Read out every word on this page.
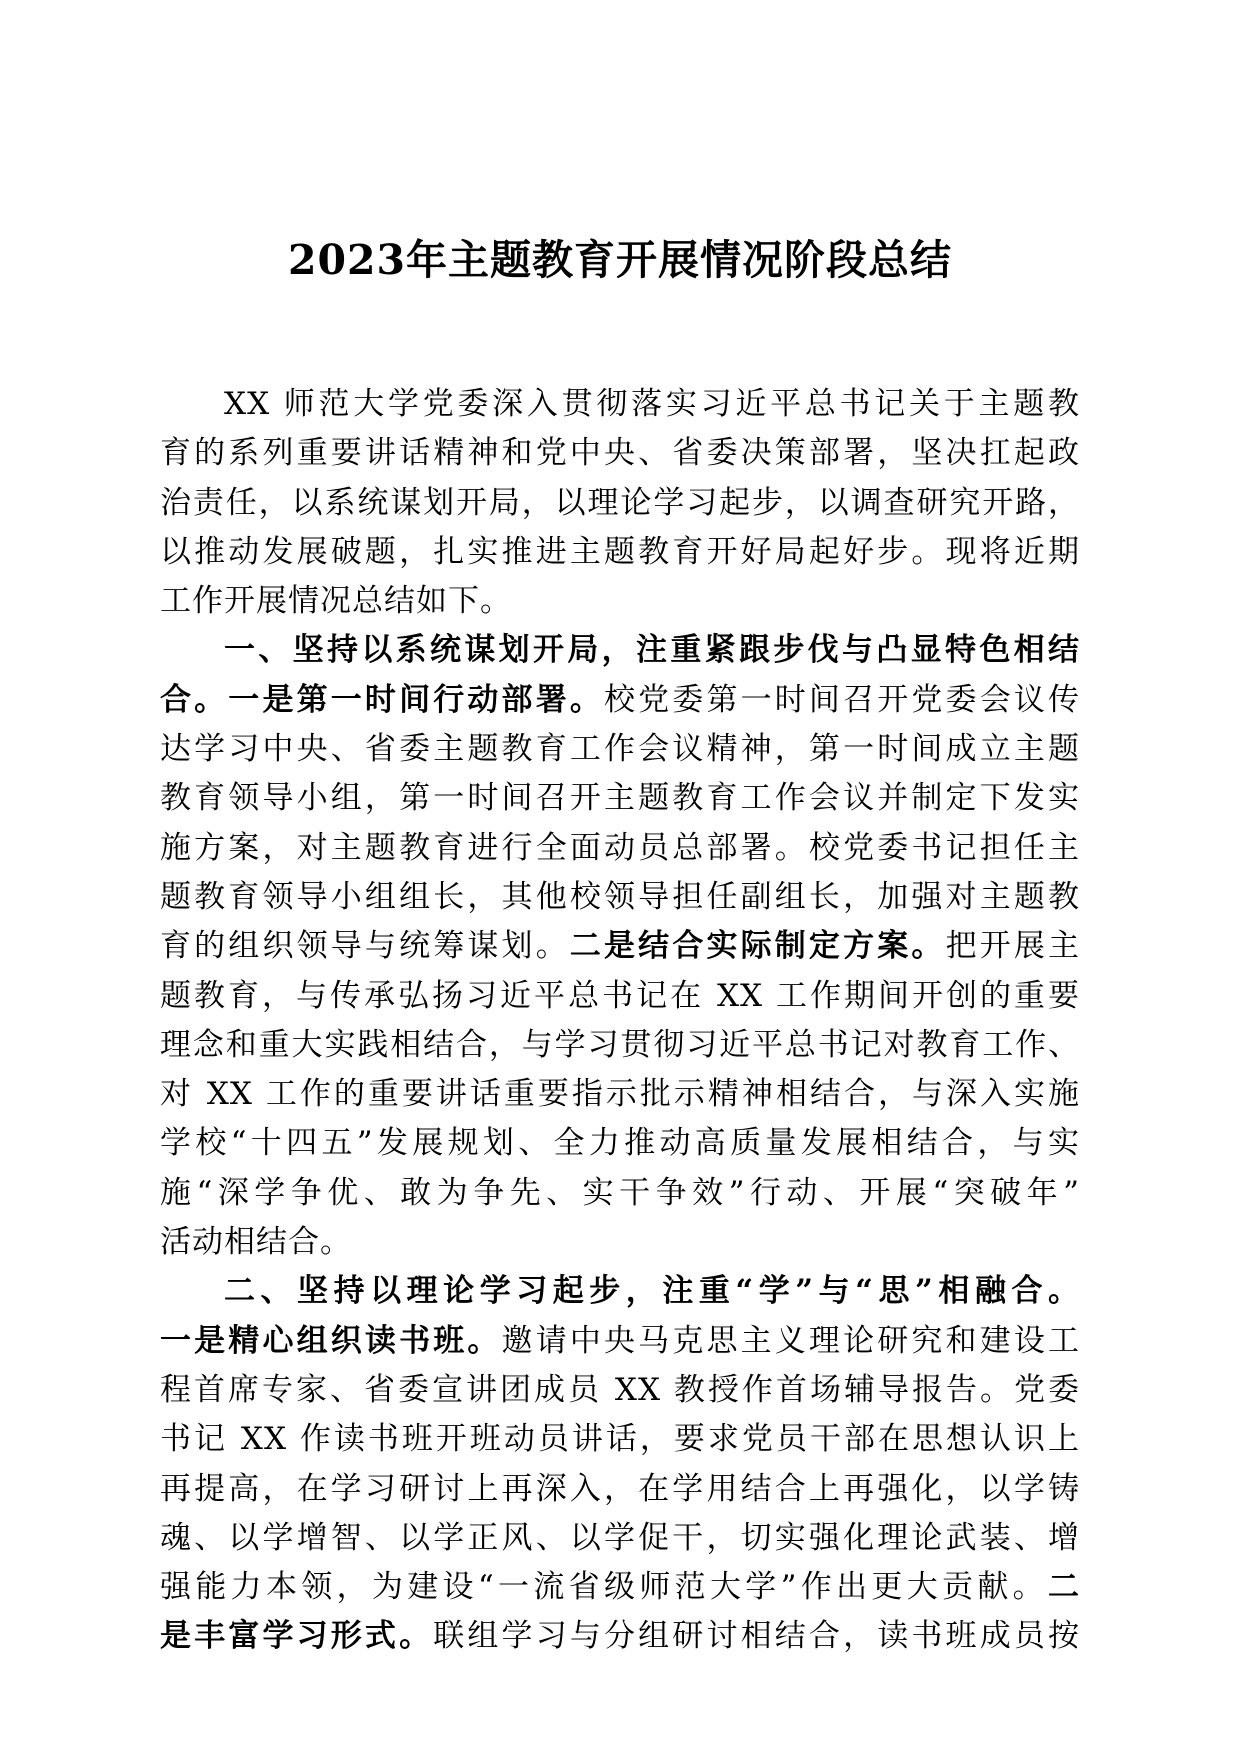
2023年主题教育开展情况阶段总结
XX 师范大学党委深入贯彻落实习近平总书记关于主题教
育的系列重要讲话精神和党中央、省委决策部署，坚决扛起政
治责任，以系统谋划开局，以理论学习起步，以调查研究开路，
以推动发展破题，扎实推进主题教育开好局起好步。现将近期
工作开展情况总结如下。
一、坚持以系统谋划开局，注重紧跟步伐与凸显特色相结
合。一是第一时间行动部署。校党委第一时间召开党委会议传
达学习中央、省委主题教育工作会议精神，第一时间成立主题
教育领导小组，第一时间召开主题教育工作会议并制定下发实
施方案，对主题教育进行全面动员总部署。校党委书记担任主
题教育领导小组组长，其他校领导担任副组长，加强对主题教
育的组织领导与统筹谋划。二是结合实际制定方案。把开展主
题教育，与传承弘扬习近平总书记在 XX 工作期间开创的重要
理念和重大实践相结合，与学习贯彻习近平总书记对教育工作、
对 XX 工作的重要讲话重要指示批示精神相结合，与深入实施
学校“十四五”发展规划、全力推动高质量发展相结合，与实
施“深学争优、敢为争先、实干争效”行动、开展“突破年”
活动相结合。
二、坚持以理论学习起步，注重“学”与“思”相融合。
一是精心组织读书班。邀请中央马克思主义理论研究和建设工
程首席专家、省委宣讲团成员 XX 教授作首场辅导报告。党委
书记 XX 作读书班开班动员讲话，要求党员干部在思想认识上
再提高，在学习研讨上再深入，在学用结合上再强化，以学铸
魂、以学增智、以学正风、以学促干，切实强化理论武装、增
强能力本领，为建设“一流省级师范大学”作出更大贡献。二
是丰富学习形式。联组学习与分组研讨相结合，读书班成员按
